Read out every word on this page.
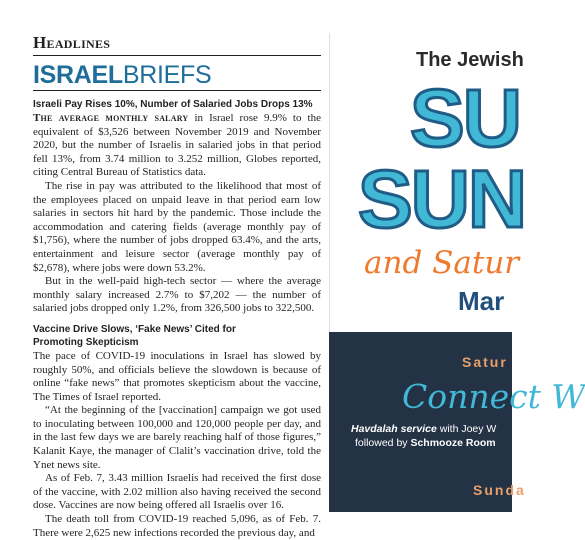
Headlines
ISRAELBRIEFS
Israeli Pay Rises 10%, Number of Salaried Jobs Drops 13%

The average monthly salary in Israel rose 9.9% to the equivalent of $3,526 between November 2019 and November 2020, but the number of Israelis in salaried jobs in that period fell 13%, from 3.74 million to 3.252 million, Globes reported, citing Central Bureau of Statistics data.

The rise in pay was attributed to the likelihood that most of the employees placed on unpaid leave in that period earn low salaries in sectors hit hard by the pandemic. Those include the accommodation and catering fields (average monthly pay of $1,756), where the number of jobs dropped 63.4%, and the arts, entertainment and leisure sector (average monthly pay of $2,678), where jobs were down 53.2%.

But in the well-paid high-tech sector — where the average monthly salary increased 2.7% to $7,202 — the number of salaried jobs dropped only 1.2%, from 326,500 jobs to 322,500.

Vaccine Drive Slows, ‘Fake News’ Cited for
Promoting Skepticism

The pace of COVID-19 inoculations in Israel has slowed by roughly 50%, and officials believe the slowdown is because of online “fake news” that promotes skepticism about the vaccine, The Times of Israel reported.

“At the beginning of the [vaccination] campaign we got used to inoculating between 100,000 and 120,000 people per day, and in the last few days we are barely reaching half of those figures,” Kalanit Kaye, the manager of Clalit’s vaccination drive, told the Ynet news site.

As of Feb. 7, 3.43 million Israelis had received the first dose of the vaccine, with 2.02 million also having received the second dose. Vaccines are now being offered all Israelis over 16.

The death toll from COVID-19 reached 5,096, as of Feb. 7. There were 2,625 new infections recorded the previous day, and

The Jewish
SU
SUN
and Satur
Mar
Satur
Connect W
Havdalah service with Joey W
followed by Schmooze Room
Sunda
